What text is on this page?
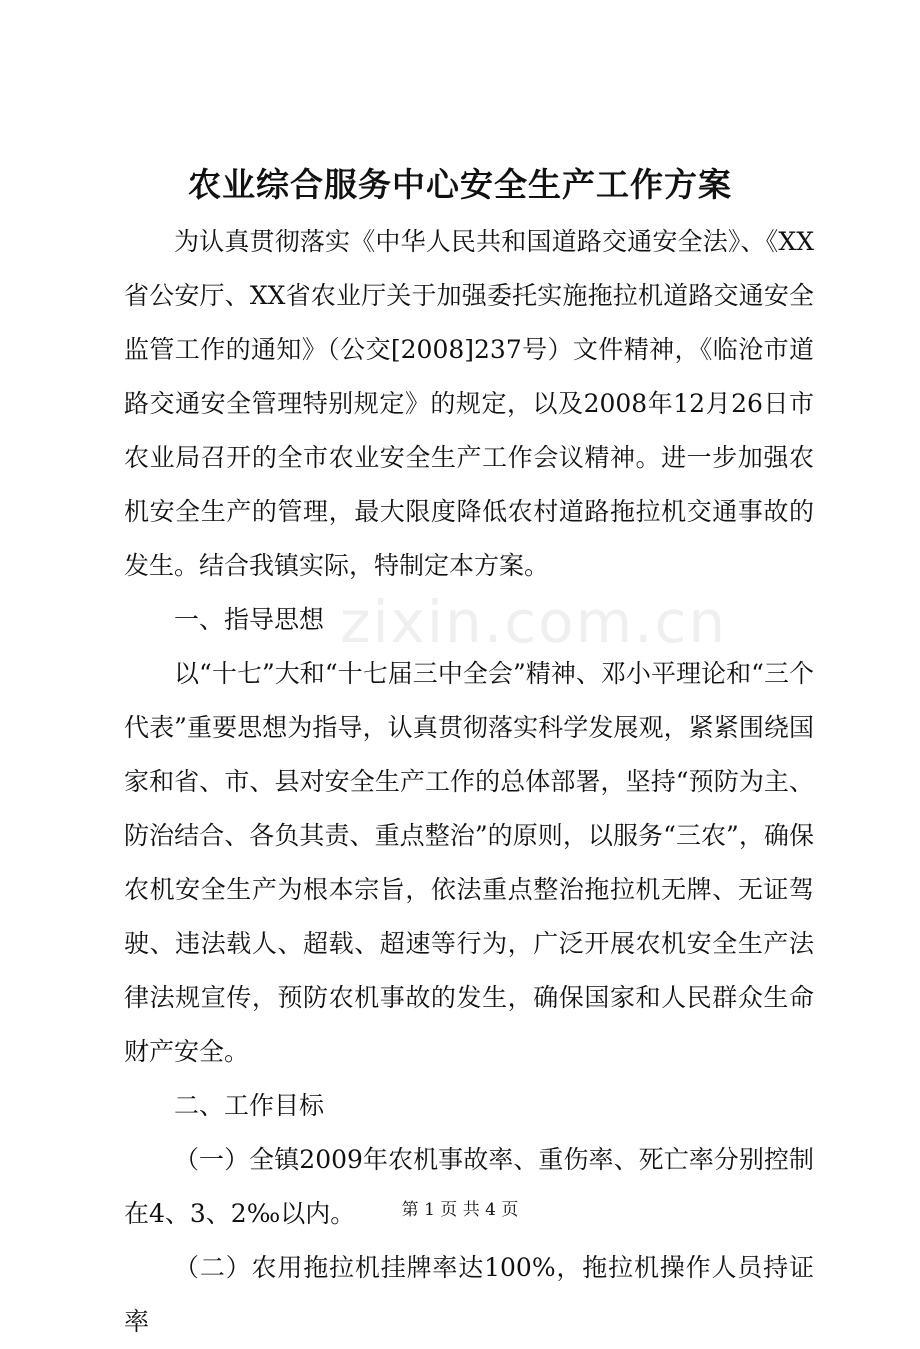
zixin.com.cn
农业综合服务中心安全生产工作方案

为认真贯彻落实《中华人民共和国道路交通安全法》、《XX省公安厅、XX省农业厅关于加强委托实施拖拉机道路交通安全监管工作的通知》（公交[2008]237号）文件精神，《临沧市道路交通安全管理特别规定》的规定，以及2008年12月26日市农业局召开的全市农业安全生产工作会议精神。进一步加强农机安全生产的管理，最大限度降低农村道路拖拉机交通事故的发生。结合我镇实际，特制定本方案。

一、指导思想

以“十七”大和“十七届三中全会”精神、邓小平理论和“三个代表”重要思想为指导，认真贯彻落实科学发展观，紧紧围绕国家和省、市、县对安全生产工作的总体部署，坚持“预防为主、防治结合、各负其责、重点整治”的原则，以服务“三农”，确保农机安全生产为根本宗旨，依法重点整治拖拉机无牌、无证驾驶、违法载人、超载、超速等行为，广泛开展农机安全生产法律法规宣传，预防农机事故的发生，确保国家和人民群众生命财产安全。

二、工作目标

（一）全镇2009年农机事故率、重伤率、死亡率分别控制在4、3、2‰以内。

（二）农用拖拉机挂牌率达100%，拖拉机操作人员持证率

第 1 页 共 4 页
